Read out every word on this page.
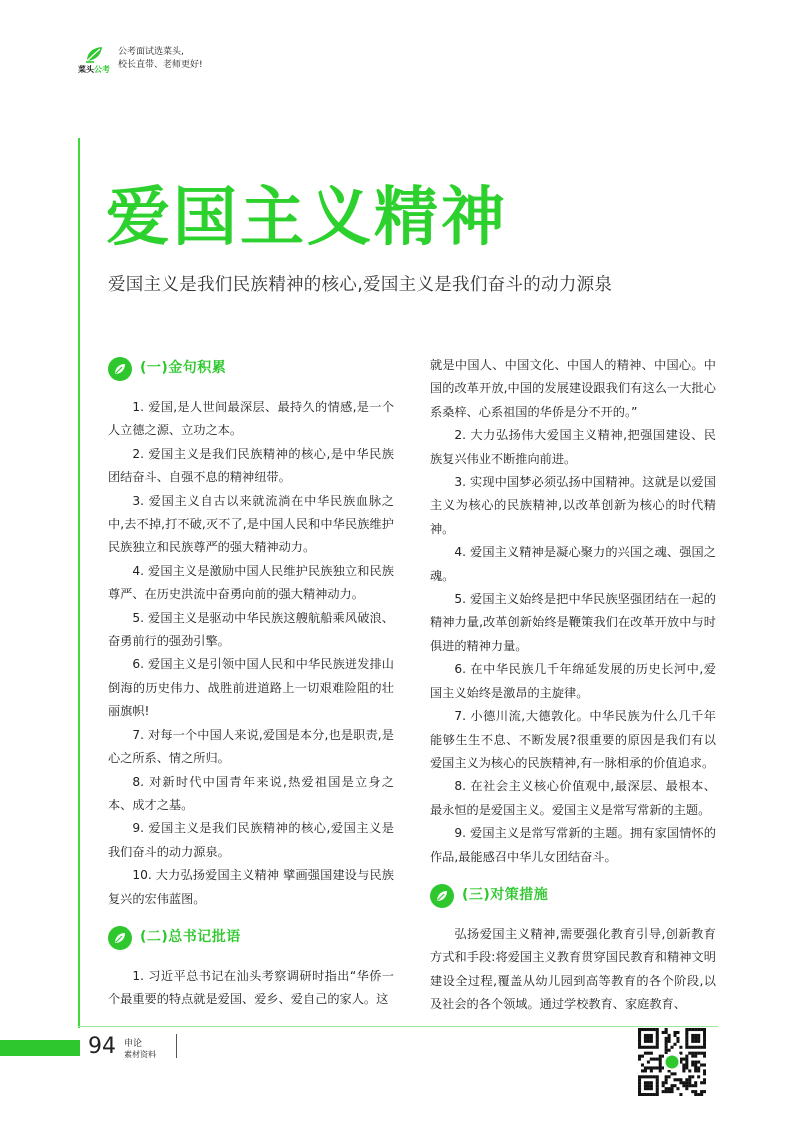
菜头公考
公考面试选菜头,
校长直带、老师更好!
爱国主义精神
爱国主义是我们民族精神的核心,爱国主义是我们奋斗的动力源泉
(一)金句积累

1. 爱国,是人世间最深层、最持久的情感,是一个人立德之源、立功之本。

2. 爱国主义是我们民族精神的核心,是中华民族团结奋斗、自强不息的精神纽带。

3. 爱国主义自古以来就流淌在中华民族血脉之中,去不掉,打不破,灭不了,是中国人民和中华民族维护民族独立和民族尊严的强大精神动力。

4. 爱国主义是激励中国人民维护民族独立和民族尊严、在历史洪流中奋勇向前的强大精神动力。

5. 爱国主义是驱动中华民族这艘航船乘风破浪、奋勇前行的强劲引擎。

6. 爱国主义是引领中国人民和中华民族迸发排山倒海的历史伟力、战胜前进道路上一切艰难险阻的壮丽旗帜!

7. 对每一个中国人来说,爱国是本分,也是职责,是心之所系、情之所归。

8. 对新时代中国青年来说,热爱祖国是立身之本、成才之基。

9. 爱国主义是我们民族精神的核心,爱国主义是我们奋斗的动力源泉。

10. 大力弘扬爱国主义精神 擘画强国建设与民族复兴的宏伟蓝图。

(二)总书记批语

1. 习近平总书记在汕头考察调研时指出“华侨一个最重要的特点就是爱国、爱乡、爱自己的家人。这

就是中国人、中国文化、中国人的精神、中国心。中国的改革开放,中国的发展建设跟我们有这么一大批心系桑梓、心系祖国的华侨是分不开的。”

2. 大力弘扬伟大爱国主义精神,把强国建设、民族复兴伟业不断推向前进。

3. 实现中国梦必须弘扬中国精神。这就是以爱国主义为核心的民族精神,以改革创新为核心的时代精神。

4. 爱国主义精神是凝心聚力的兴国之魂、强国之魂。

5. 爱国主义始终是把中华民族坚强团结在一起的精神力量,改革创新始终是鞭策我们在改革开放中与时俱进的精神力量。

6. 在中华民族几千年绵延发展的历史长河中,爱国主义始终是激昂的主旋律。

7. 小德川流,大德敦化。中华民族为什么几千年能够生生不息、不断发展?很重要的原因是我们有以爱国主义为核心的民族精神,有一脉相承的价值追求。

8. 在社会主义核心价值观中,最深层、最根本、最永恒的是爱国主义。爱国主义是常写常新的主题。

9. 爱国主义是常写常新的主题。拥有家国情怀的作品,最能感召中华儿女团结奋斗。

(三)对策措施

弘扬爱国主义精神,需要强化教育引导,创新教育方式和手段:将爱国主义教育贯穿国民教育和精神文明建设全过程,覆盖从幼儿园到高等教育的各个阶段,以及社会的各个领域。通过学校教育、家庭教育、

94 申论
素材资料
